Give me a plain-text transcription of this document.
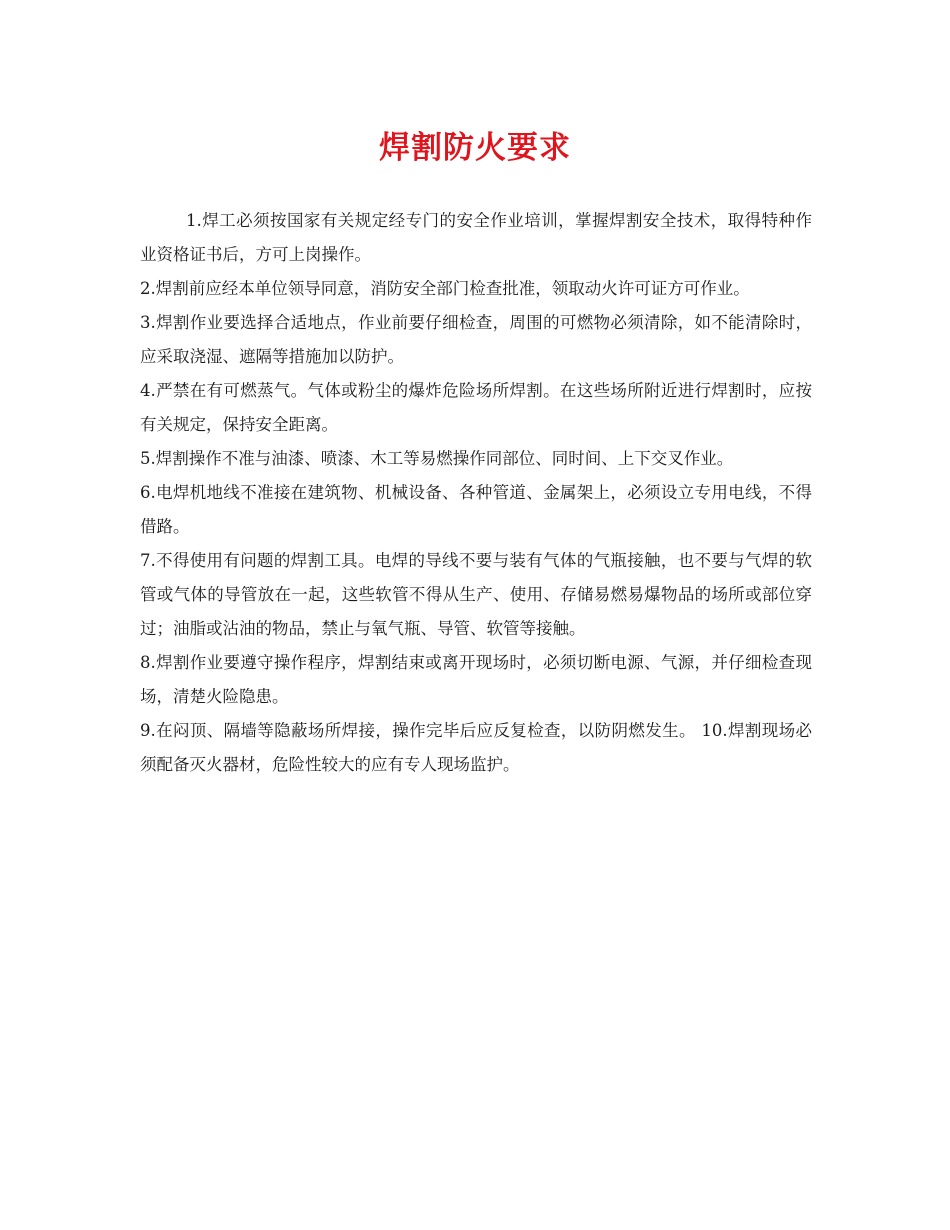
焊割防火要求

1.焊工必须按国家有关规定经专门的安全作业培训，掌握焊割安全技术，取得特种作业资格证书后，方可上岗操作。

2.焊割前应经本单位领导同意，消防安全部门检查批准，领取动火许可证方可作业。

3.焊割作业要选择合适地点，作业前要仔细检查，周围的可燃物必须清除，如不能清除时，应采取浇湿、遮隔等措施加以防护。

4.严禁在有可燃蒸气。气体或粉尘的爆炸危险场所焊割。在这些场所附近进行焊割时，应按有关规定，保持安全距离。

5.焊割操作不准与油漆、喷漆、木工等易燃操作同部位、同时间、上下交叉作业。

6.电焊机地线不准接在建筑物、机械设备、各种管道、金属架上，必须设立专用电线，不得借路。

7.不得使用有问题的焊割工具。电焊的导线不要与装有气体的气瓶接触，也不要与气焊的软管或气体的导管放在一起，这些软管不得从生产、使用、存储易燃易爆物品的场所或部位穿过；油脂或沾油的物品，禁止与氧气瓶、导管、软管等接触。

8.焊割作业要遵守操作程序，焊割结束或离开现场时，必须切断电源、气源，并仔细检查现场，清楚火险隐患。

9.在闷顶、隔墙等隐蔽场所焊接，操作完毕后应反复检查，以防阴燃发生。 10.焊割现场必须配备灭火器材，危险性较大的应有专人现场监护。
